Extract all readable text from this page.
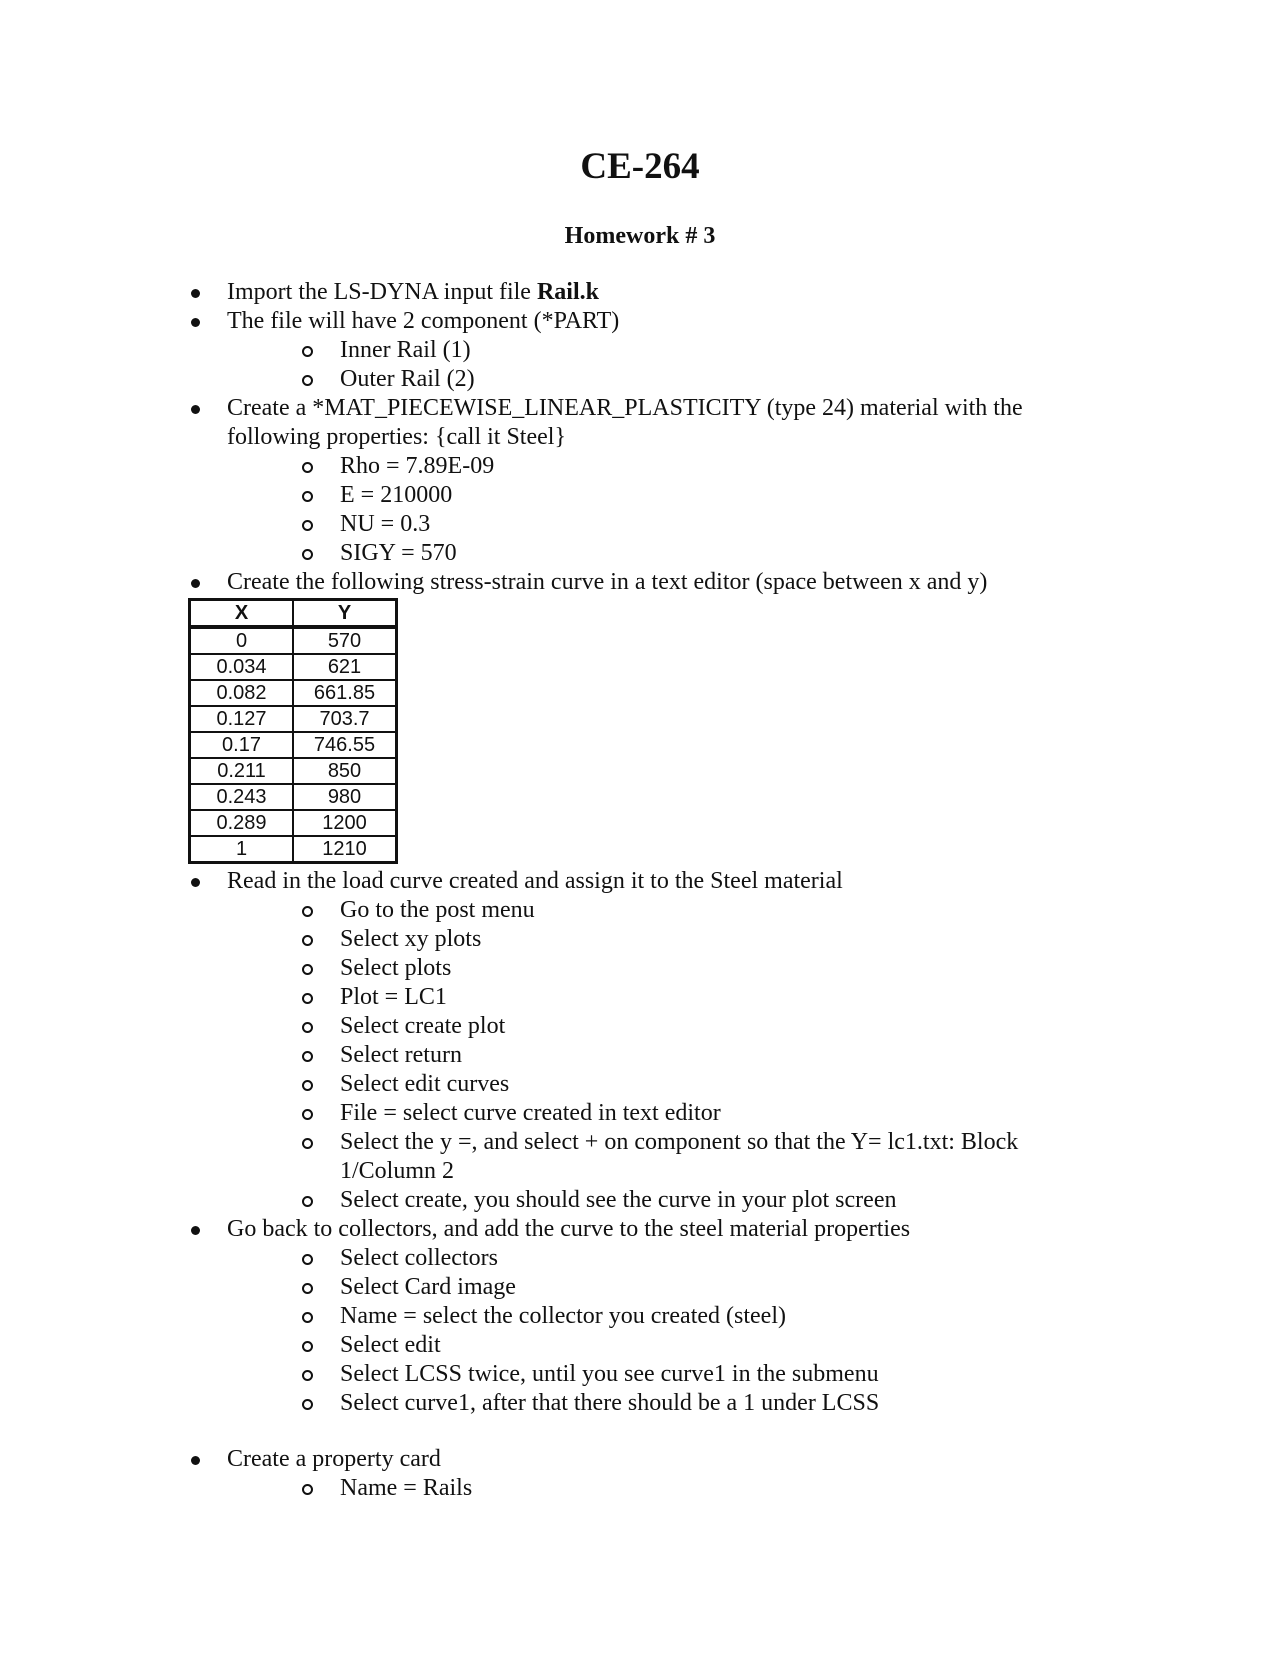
CE-264
Homework # 3
Import the LS-DYNA input file Rail.k
The file will have 2 component (*PART)
Inner Rail (1)
Outer Rail (2)
Create a *MAT_PIECEWISE_LINEAR_PLASTICITY (type 24) material with the following properties: {call it Steel}
Rho = 7.89E-09
E = 210000
NU = 0.3
SIGY = 570
Create the following stress-strain curve in a text editor (space between x and y)
X	Y
0	570
0.034	621
0.082	661.85
0.127	703.7
0.17	746.55
0.211	850
0.243	980
0.289	1200
1	1210
Read in the load curve created and assign it to the Steel material
Go to the post menu
Select xy plots
Select plots
Plot = LC1
Select create plot
Select return
Select edit curves
File = select curve created in text editor
Select the y =, and select + on component so that the Y= lc1.txt: Block 1/Column 2
Select create, you should see the curve in your plot screen
Go back to collectors, and add the curve to the steel material properties
Select collectors
Select Card image
Name = select the collector you created (steel)
Select edit
Select LCSS twice, until you see curve1 in the submenu
Select curve1, after that there should be a 1 under LCSS
Create a property card
Name = Rails
